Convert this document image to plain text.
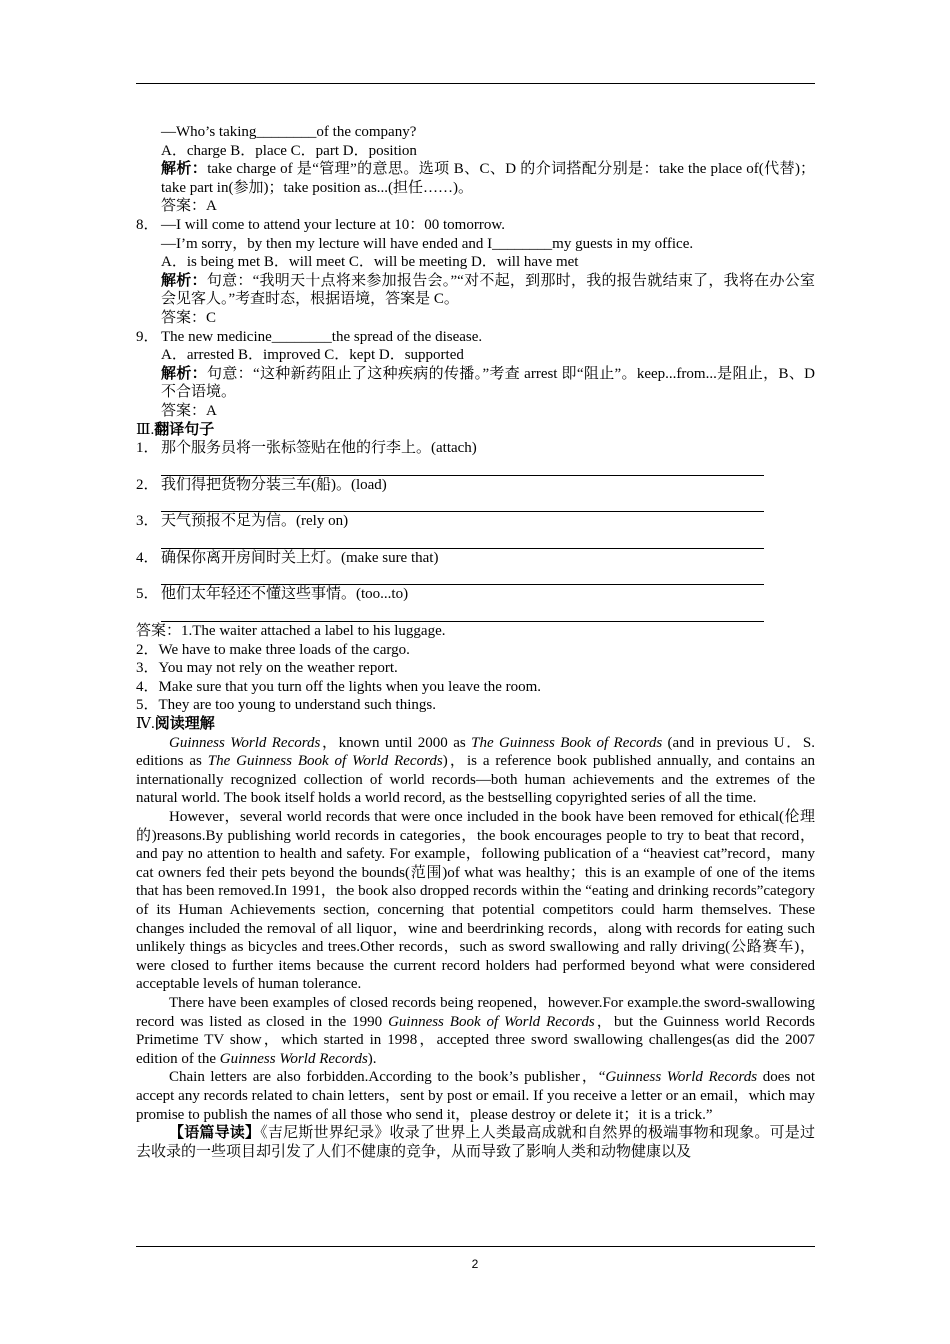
—Who’s taking________of the company?
A．charge B．place C．part D．position
解析：take charge of 是“管理”的意思。选项 B、C、D 的介词搭配分别是：take the place of(代替)；take part in(参加)；take position as...(担任……)。
答案：A
8． —I will come to attend your lecture at 10：00 tomorrow.
—I’m sorry，by then my lecture will have ended and I________my guests in my office.
A．is being met B．will meet C．will be meeting D．will have met
解析：句意：“我明天十点将来参加报告会。”“对不起，到那时，我的报告就结束了，我将在办公室会见客人。”考查时态，根据语境，答案是 C。
答案：C
9． The new medicine________the spread of the disease.
A．arrested B．improved C．kept D．supported
解析：句意：“这种新药阻止了这种疾病的传播。”考查 arrest 即“阻止”。keep...from...是阻止，B、D 不合语境。
答案：A
Ⅲ.翻译句子
1． 那个服务员将一张标签贴在他的行李上。(attach)
2． 我们得把货物分装三车(船)。(load)
3． 天气预报不足为信。(rely on)
4． 确保你离开房间时关上灯。(make sure that)
5． 他们太年轻还不懂这些事情。(too...to)
答案：1.The waiter attached a label to his luggage.
2．We have to make three loads of the cargo.
3．You may not rely on the weather report.
4．Make sure that you turn off the lights when you leave the room.
5．They are too young to understand such things.
Ⅳ.阅读理解
Guinness World Records，known until 2000 as The Guinness Book of Records (and in previous U．S. editions as The Guinness Book of World Records)，is a reference book published annually, and contains an internationally recognized collection of world records—both human achievements and the extremes of the natural world. The book itself holds a world record, as the bestselling copyrighted series of all the time.
However，several world records that were once included in the book have been removed for ethical(伦理的)reasons.By publishing world records in categories，the book encourages people to try to beat that record，and pay no attention to health and safety. For example，following publication of a “heaviest cat”record，many cat owners fed their pets beyond the bounds(范围)of what was healthy；this is an example of one of the items that has been removed.In 1991，the book also dropped records within the “eating and drinking records”category of its Human Achievements section, concerning that potential competitors could harm themselves. These changes included the removal of all liquor，wine and beerdrinking records，along with records for eating such unlikely things as bicycles and trees.Other records，such as sword swallowing and rally driving(公路赛车)，were closed to further items because the current record holders had performed beyond what were considered acceptable levels of human tolerance.
There have been examples of closed records being reopened，however.For example.the sword-swallowing record was listed as closed in the 1990 Guinness Book of World Records，but the Guinness world Records Primetime TV show，which started in 1998，accepted three sword swallowing challenges(as did the 2007 edition of the Guinness World Records).
Chain letters are also forbidden.According to the book’s publisher，“Guinness World Records does not accept any records related to chain letters，sent by post or email. If you receive a letter or an email，which may promise to publish the names of all those who send it，please destroy or delete it；it is a trick.”
【语篇导读】《吉尼斯世界纪录》收录了世界上人类最高成就和自然界的极端事物和现象。可是过去收录的一些项目却引发了人们不健康的竞争，从而导致了影响人类和动物健康以及
2
